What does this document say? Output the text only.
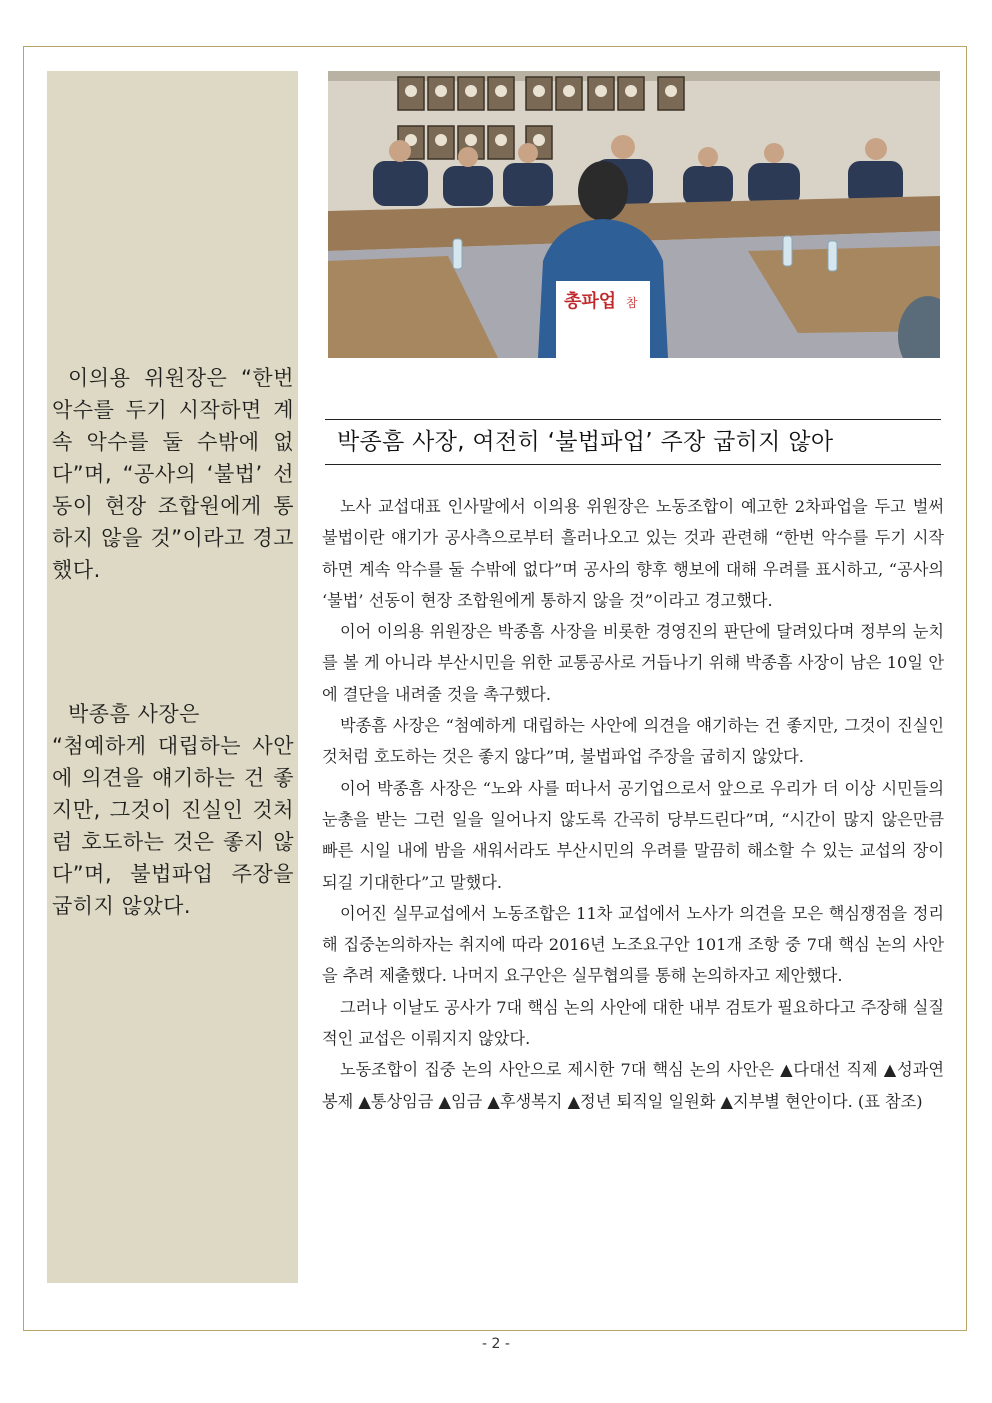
이의용 위원장은 “한번 악수를 두기 시작하면 계속 악수를 둘 수밖에 없다”며, “공사의 ‘불법’ 선동이 현장 조합원에게 통하지 않을 것”이라고 경고했다.

박종흠 사장은
“첨예하게 대립하는 사안에 의견을 얘기하는 건 좋지만, 그것이 진실인 것처럼 호도하는 것은 좋지 않다”며, 불법파업 주장을 굽히지 않았다.

총파업 참
박종흠 사장, 여전히 ‘불법파업’ 주장 굽히지 않아

노사 교섭대표 인사말에서 이의용 위원장은 노동조합이 예고한 2차파업을 두고 벌써 불법이란 얘기가 공사측으로부터 흘러나오고 있는 것과 관련해 “한번 악수를 두기 시작하면 계속 악수를 둘 수밖에 없다”며 공사의 향후 행보에 대해 우려를 표시하고, “공사의 ‘불법’ 선동이 현장 조합원에게 통하지 않을 것”이라고 경고했다.

이어 이의용 위원장은 박종흠 사장을 비롯한 경영진의 판단에 달려있다며 정부의 눈치를 볼 게 아니라 부산시민을 위한 교통공사로 거듭나기 위해 박종흠 사장이 남은 10일 안에 결단을 내려줄 것을 촉구했다.

박종흠 사장은 “첨예하게 대립하는 사안에 의견을 얘기하는 건 좋지만, 그것이 진실인 것처럼 호도하는 것은 좋지 않다”며, 불법파업 주장을 굽히지 않았다.

이어 박종흠 사장은 “노와 사를 떠나서 공기업으로서 앞으로 우리가 더 이상 시민들의 눈총을 받는 그런 일을 일어나지 않도록 간곡히 당부드린다”며, “시간이 많지 않은만큼 빠른 시일 내에 밤을 새워서라도 부산시민의 우려를 말끔히 해소할 수 있는 교섭의 장이 되길 기대한다”고 말했다.

이어진 실무교섭에서 노동조합은 11차 교섭에서 노사가 의견을 모은 핵심쟁점을 정리해 집중논의하자는 취지에 따라 2016년 노조요구안 101개 조항 중 7대 핵심 논의 사안을 추려 제출했다. 나머지 요구안은 실무협의를 통해 논의하자고 제안했다.

그러나 이날도 공사가 7대 핵심 논의 사안에 대한 내부 검토가 필요하다고 주장해 실질적인 교섭은 이뤄지지 않았다.

노동조합이 집중 논의 사안으로 제시한 7대 핵심 논의 사안은 ▲다대선 직제 ▲성과연봉제 ▲통상임금 ▲임금 ▲후생복지 ▲정년 퇴직일 일원화 ▲지부별 현안이다. (표 참조)

- 2 -
